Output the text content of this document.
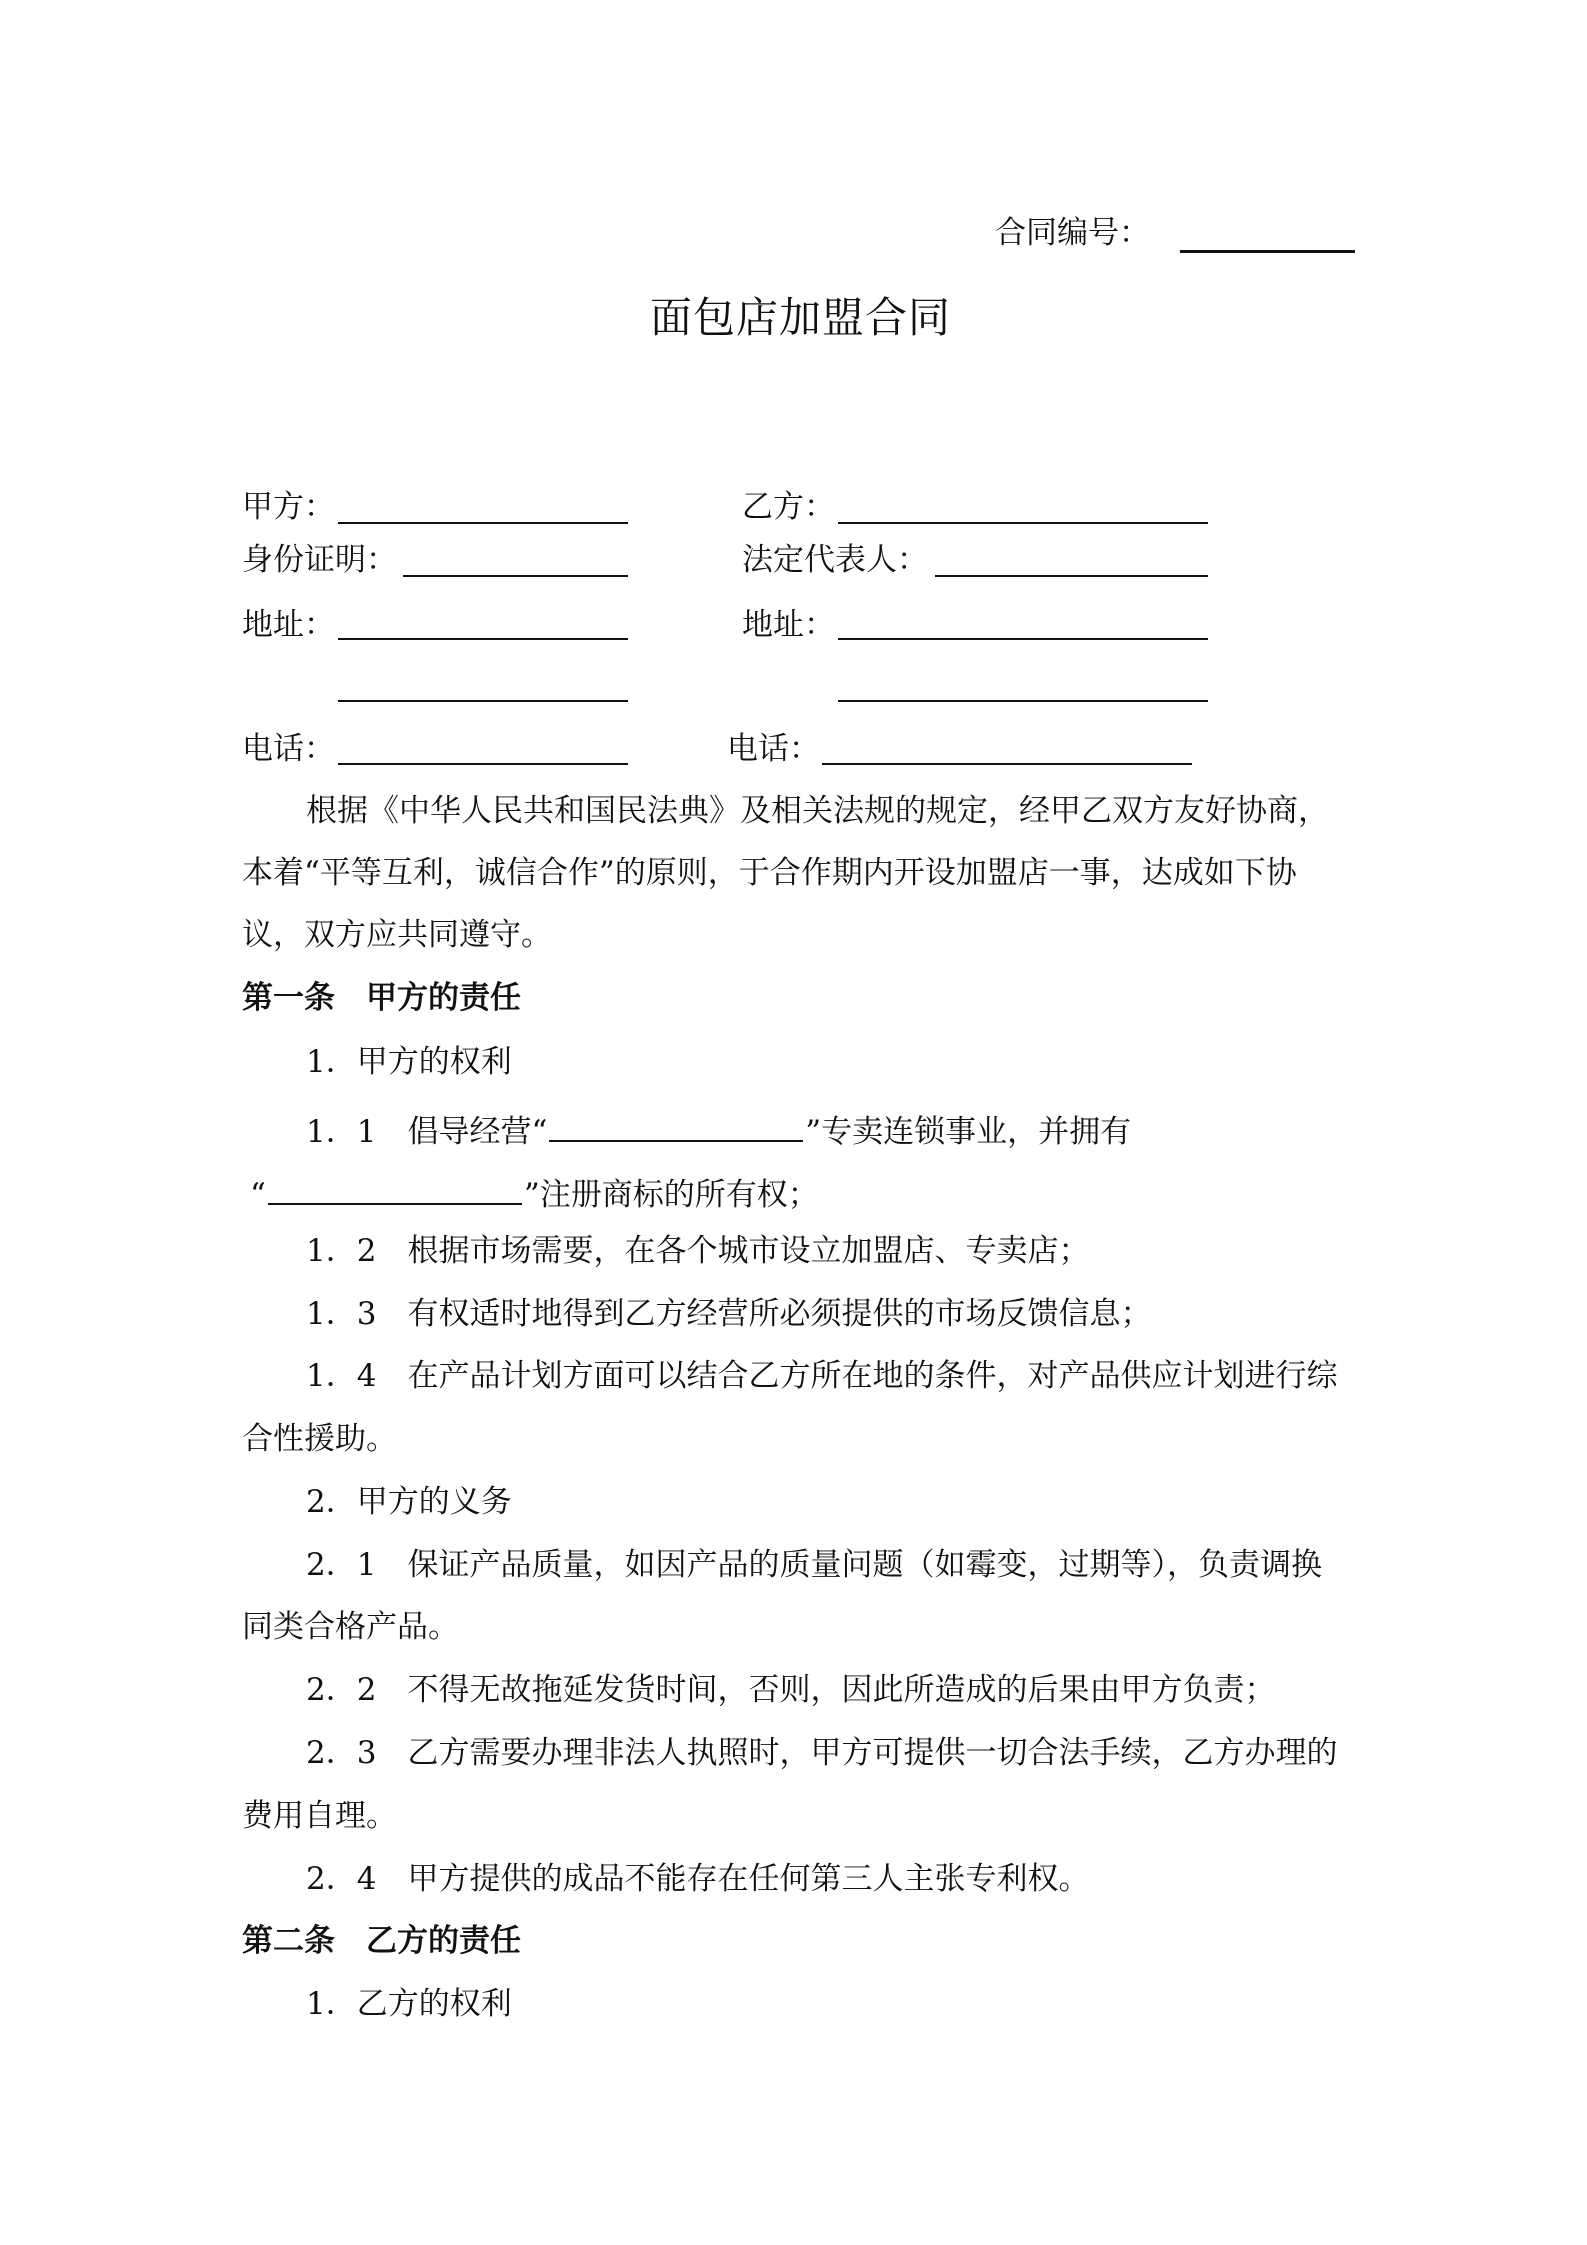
合同编号：
面包店加盟合同
甲方：	乙方：
身份证明：	法定代表人：
地址：	地址：
电话：	电话：
根据《中华人民共和国民法典》及相关法规的规定，经甲乙双方友好协商，
本着“平等互利，诚信合作”的原则，于合作期内开设加盟店一事，达成如下协
议，双方应共同遵守。
第一条　甲方的责任
1．甲方的权利
1．1　倡导经营“	”专卖连锁事业，并拥有
“	”注册商标的所有权；
1．2　根据市场需要，在各个城市设立加盟店、专卖店；
1．3　有权适时地得到乙方经营所必须提供的市场反馈信息；
1．4　在产品计划方面可以结合乙方所在地的条件，对产品供应计划进行综
合性援助。
2．甲方的义务
2．1　保证产品质量，如因产品的质量问题（如霉变，过期等），负责调换
同类合格产品。
2．2　不得无故拖延发货时间，否则，因此所造成的后果由甲方负责；
2．3　乙方需要办理非法人执照时，甲方可提供一切合法手续，乙方办理的
费用自理。
2．4　甲方提供的成品不能存在任何第三人主张专利权。
第二条　乙方的责任
1．乙方的权利
